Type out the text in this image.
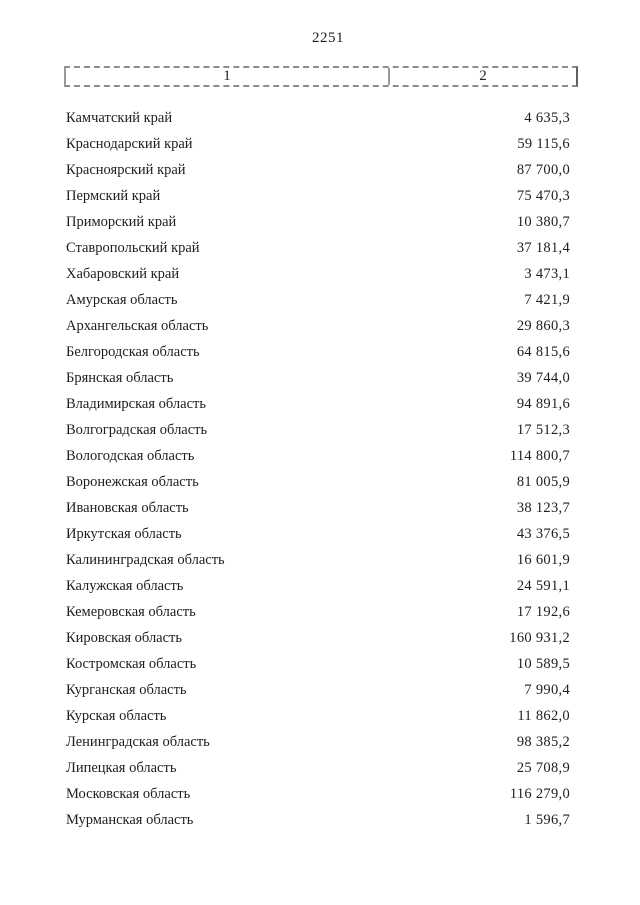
2251
1	2
Камчатский край	4 635,3
Краснодарский край	59 115,6
Красноярский край	87 700,0
Пермский край	75 470,3
Приморский край	10 380,7
Ставропольский край	37 181,4
Хабаровский край	3 473,1
Амурская область	7 421,9
Архангельская область	29 860,3
Белгородская область	64 815,6
Брянская область	39 744,0
Владимирская область	94 891,6
Волгоградская область	17 512,3
Вологодская область	114 800,7
Воронежская область	81 005,9
Ивановская область	38 123,7
Иркутская область	43 376,5
Калининградская область	16 601,9
Калужская область	24 591,1
Кемеровская область	17 192,6
Кировская область	160 931,2
Костромская область	10 589,5
Курганская область	7 990,4
Курская область	11 862,0
Ленинградская область	98 385,2
Липецкая область	25 708,9
Московская область	116 279,0
Мурманская область	1 596,7
